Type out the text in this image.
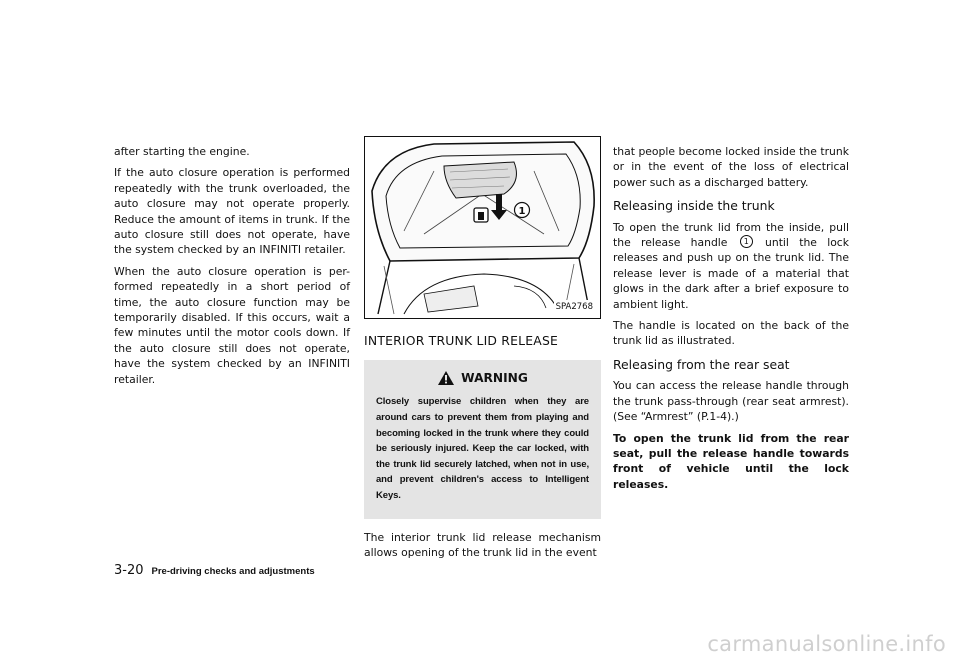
after starting the engine.

If the auto closure operation is performed repeatedly with the trunk overloaded, the auto closure may not operate properly. Reduce the amount of items in trunk. If the auto closure still does not operate, have the system checked by an INFINITI retailer.

When the auto closure operation is per-formed repeatedly in a short period of time, the auto closure function may be temporarily disabled. If this occurs, wait a few minutes until the motor cools down. If the auto closure still does not operate, have the system checked by an INFINITI retailer.

1
SPA2768
INTERIOR TRUNK LID RELEASE
WARNING

Closely supervise children when they are around cars to prevent them from playing and becoming locked in the trunk where they could be seriously injured. Keep the car locked, with the trunk lid securely latched, when not in use, and prevent children's access to Intelligent Keys.

The interior trunk lid release mechanism allows opening of the trunk lid in the event

that people become locked inside the trunk or in the event of the loss of electrical power such as a discharged battery.

Releasing inside the trunk

To open the trunk lid from the inside, pull the release handle 1 until the lock releases and push up on the trunk lid. The release lever is made of a material that glows in the dark after a brief exposure to ambient light.

The handle is located on the back of the trunk lid as illustrated.

Releasing from the rear seat

You can access the release handle through the trunk pass-through (rear seat armrest). (See “Armrest” (P.1-4).)

To open the trunk lid from the rear seat, pull the release handle towards front of vehicle until the lock releases.

3-20 Pre-driving checks and adjustments
carmanualsonline.info
